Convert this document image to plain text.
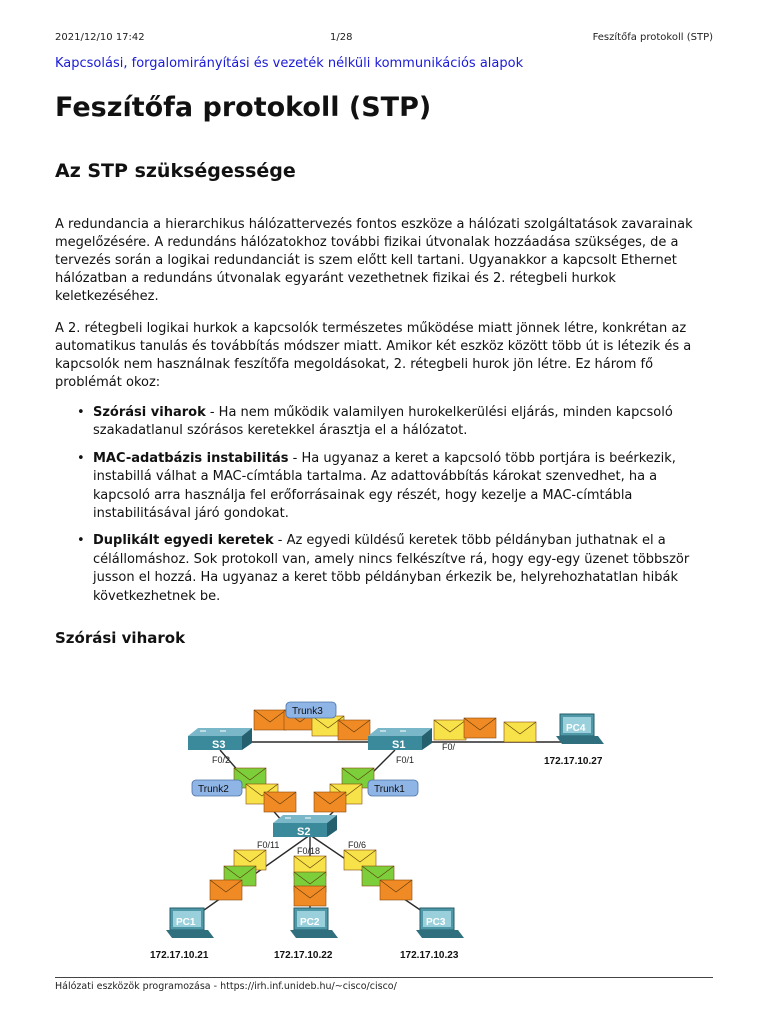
2021/12/10 17:42	1/28	Feszítőfa protokoll (STP)
Kapcsolási, forgalomirányítási és vezeték nélküli kommunikációs alapok
Feszítőfa protokoll (STP)
Az STP szükségessége

A redundancia a hierarchikus hálózattervezés fontos eszköze a hálózati szolgáltatások zavarainak megelőzésére. A redundáns hálózatokhoz további fizikai útvonalak hozzáadása szükséges, de a tervezés során a logikai redundanciát is szem előtt kell tartani. Ugyanakkor a kapcsolt Ethernet hálózatban a redundáns útvonalak egyaránt vezethetnek fizikai és 2. rétegbeli hurkok keletkezéséhez.

A 2. rétegbeli logikai hurkok a kapcsolók természetes működése miatt jönnek létre, konkrétan az automatikus tanulás és továbbítás módszer miatt. Amikor két eszköz között több út is létezik és a kapcsolók nem használnak feszítőfa megoldásokat, 2. rétegbeli hurok jön létre. Ez három fő problémát okoz:

• Szórási viharok - Ha nem működik valamilyen hurokelkerülési eljárás, minden kapcsoló szakadatlanul szórásos keretekkel árasztja el a hálózatot.
• MAC-adatbázis instabilitás - Ha ugyanaz a keret a kapcsoló több portjára is beérkezik, instabillá válhat a MAC-címtábla tartalma. Az adattovábbítás károkat szenvedhet, ha a kapcsoló arra használja fel erőforrásainak egy részét, hogy kezelje a MAC-címtábla instabilitásával járó gondokat.
• Duplikált egyedi keretek - Az egyedi küldésű keretek több példányban juthatnak el a célállomáshoz. Sok protokoll van, amely nincs felkészítve rá, hogy egy-egy üzenet többször jusson el hozzá. Ha ugyanaz a keret több példányban érkezik be, helyrehozhatatlan hibák következhetnek be.
Szórási viharok
S3	S1
S2
Trunk3
Trunk2	Trunk1
F0/2	F0/1
F0/
F0/11
F0/18
F0/6
PC4
172.17.10.27
PC1
172.17.10.21
PC2
172.17.10.22
PC3
172.17.10.23
Hálózati eszközök programozása - https://irh.inf.unideb.hu/~cisco/cisco/
